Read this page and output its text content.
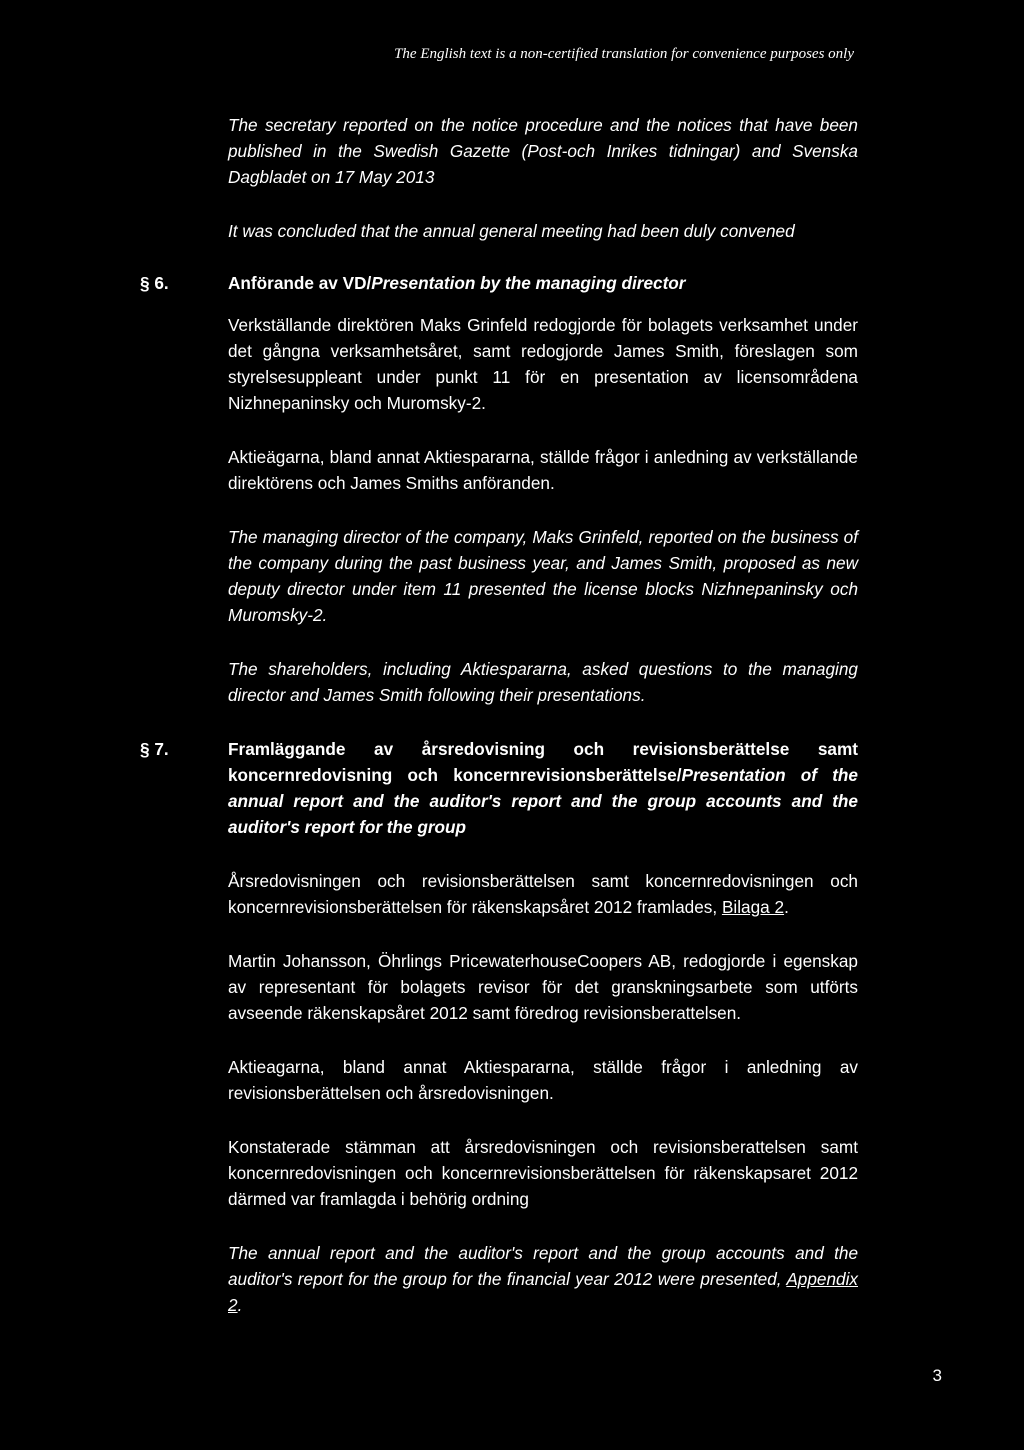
The English text is a non-certified translation for convenience purposes only

The secretary reported on the notice procedure and the notices that have been published in the Swedish Gazette (Post-och Inrikes tidningar) and Svenska Dagbladet on 17 May 2013

It was concluded that the annual general meeting had been duly convened

§ 6.	Anförande av VD/Presentation by the managing director

Verkställande direktören Maks Grinfeld redogjorde för bolagets verksamhet under det gångna verksamhetsåret, samt redogjorde James Smith, föreslagen som styrelsesuppleant under punkt 11 för en presentation av licensområdena Nizhnepaninsky och Muromsky-2.

Aktieägarna, bland annat Aktiespararna, ställde frågor i anledning av verkställande direktörens och James Smiths anföranden.

The managing director of the company, Maks Grinfeld, reported on the business of the company during the past business year, and James Smith, proposed as new deputy director under item 11 presented the license blocks Nizhnepaninsky och Muromsky-2.

The shareholders, including Aktiespararna, asked questions to the managing director and James Smith following their presentations.

§ 7.	Framläggande av årsredovisning och revisionsberättelse samt koncernredovisning och koncernrevisionsberättelse/Presentation of the annual report and the auditor's report and the group accounts and the auditor's report for the group

Årsredovisningen och revisionsberättelsen samt koncernredovisningen och koncernrevisionsberättelsen för räkenskapsåret 2012 framlades, Bilaga 2.

Martin Johansson, Öhrlings PricewaterhouseCoopers AB, redogjorde i egenskap av representant för bolagets revisor för det granskningsarbete som utförts avseende räkenskapsåret 2012 samt föredrog revisionsberattelsen.

Aktieagarna, bland annat Aktiespararna, ställde frågor i anledning av revisionsberättelsen och årsredovisningen.

Konstaterade stämman att årsredovisningen och revisionsberattelsen samt koncernredovisningen och koncernrevisionsberättelsen för räkenskapsaret 2012 därmed var framlagda i behörig ordning

The annual report and the auditor's report and the group accounts and the auditor's report for the group for the financial year 2012 were presented, Appendix 2.

3
